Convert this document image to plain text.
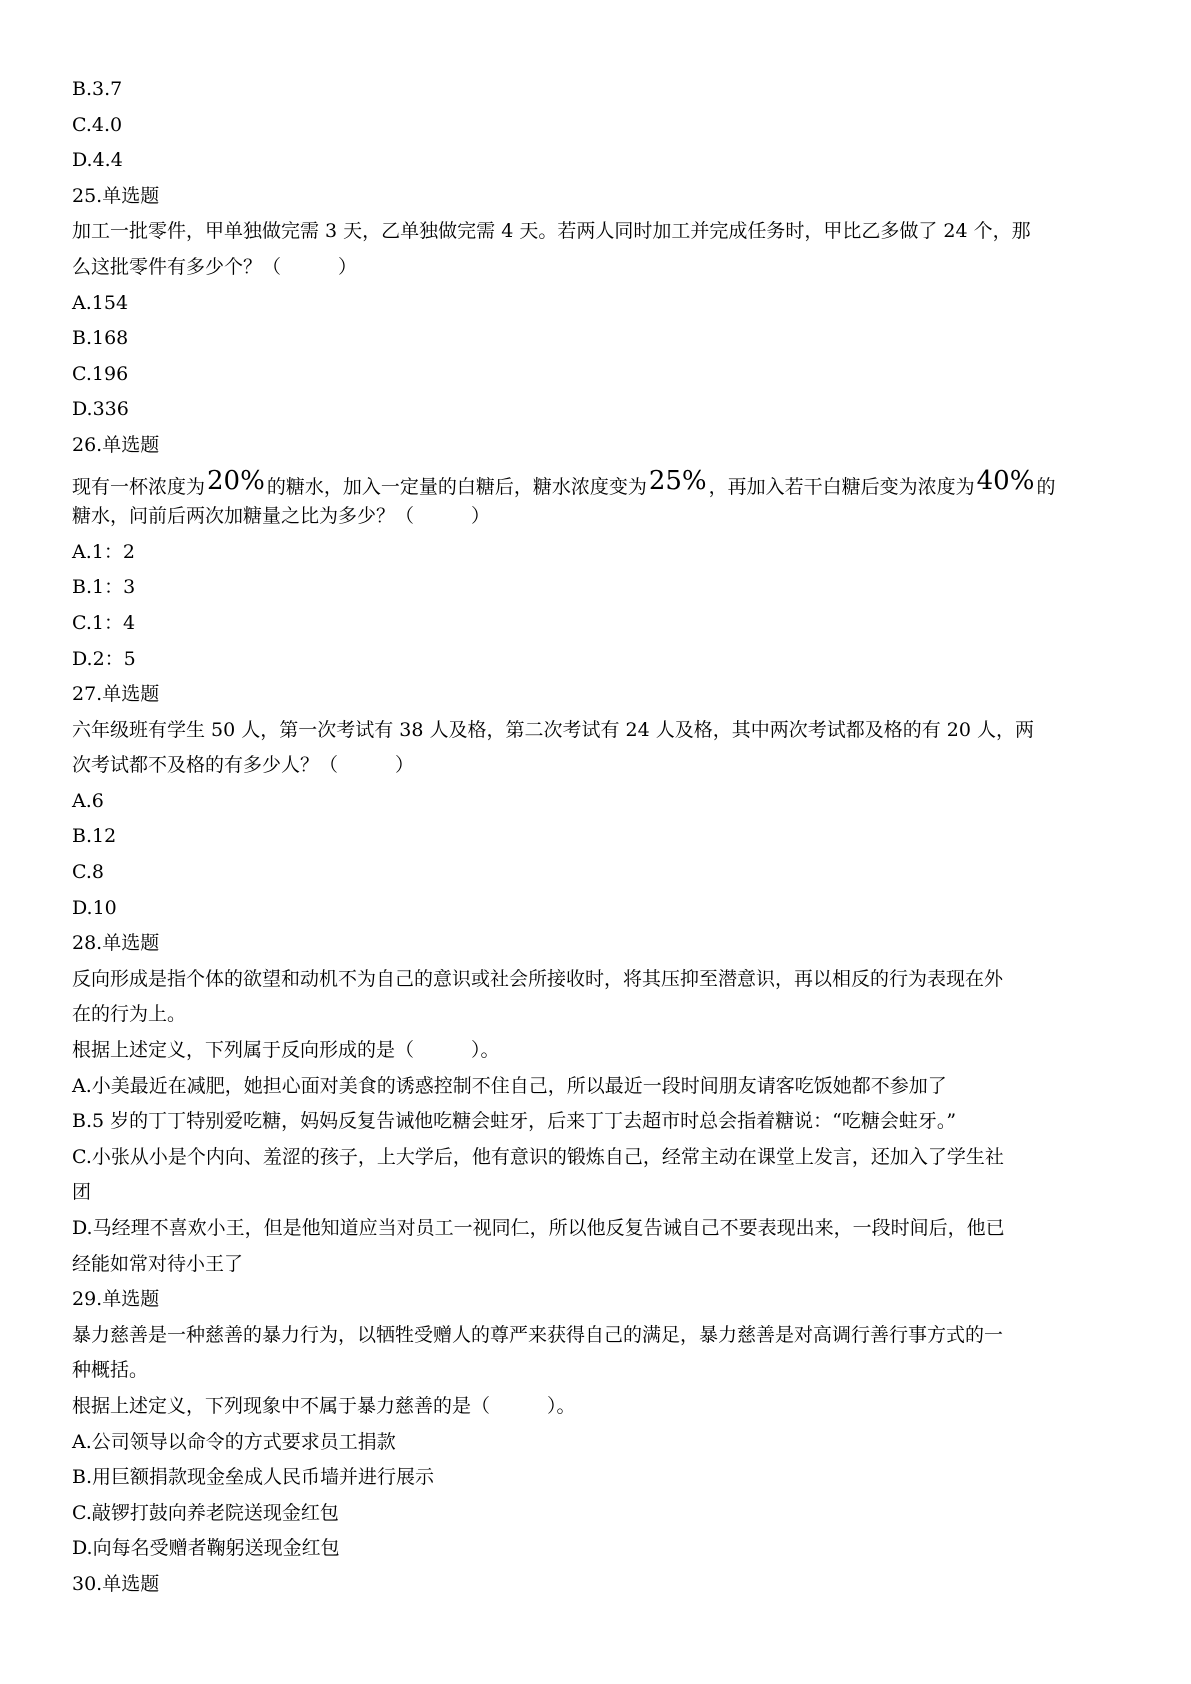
B.3.7
C.4.0
D.4.4
25.单选题
加工一批零件，甲单独做完需 3 天，乙单独做完需 4 天。若两人同时加工并完成任务时，甲比乙多做了 24 个，那
么这批零件有多少个？（　　　）
A.154
B.168
C.196
D.336
26.单选题
现有一杯浓度为20% 的糖水，加入一定量的白糖后，糖水浓度变为25% ，再加入若干白糖后变为浓度为40% 的
糖水，问前后两次加糖量之比为多少？（　　　）
A.1：2
B.1：3
C.1：4
D.2：5
27.单选题
六年级班有学生 50 人，第一次考试有 38 人及格，第二次考试有 24 人及格，其中两次考试都及格的有 20 人，两
次考试都不及格的有多少人？（　　　）
A.6
B.12
C.8
D.10
28.单选题
反向形成是指个体的欲望和动机不为自己的意识或社会所接收时，将其压抑至潜意识，再以相反的行为表现在外
在的行为上。
根据上述定义，下列属于反向形成的是（　　　）。
A.小美最近在减肥，她担心面对美食的诱惑控制不住自己，所以最近一段时间朋友请客吃饭她都不参加了
B.5 岁的丁丁特别爱吃糖，妈妈反复告诫他吃糖会蛀牙，后来丁丁去超市时总会指着糖说：“吃糖会蛀牙。”
C.小张从小是个内向、羞涩的孩子，上大学后，他有意识的锻炼自己，经常主动在课堂上发言，还加入了学生社
团
D.马经理不喜欢小王，但是他知道应当对员工一视同仁，所以他反复告诫自己不要表现出来，一段时间后，他已
经能如常对待小王了
29.单选题
暴力慈善是一种慈善的暴力行为，以牺牲受赠人的尊严来获得自己的满足，暴力慈善是对高调行善行事方式的一
种概括。
根据上述定义，下列现象中不属于暴力慈善的是（　　　）。
A.公司领导以命令的方式要求员工捐款
B.用巨额捐款现金垒成人民币墙并进行展示
C.敲锣打鼓向养老院送现金红包
D.向每名受赠者鞠躬送现金红包
30.单选题
